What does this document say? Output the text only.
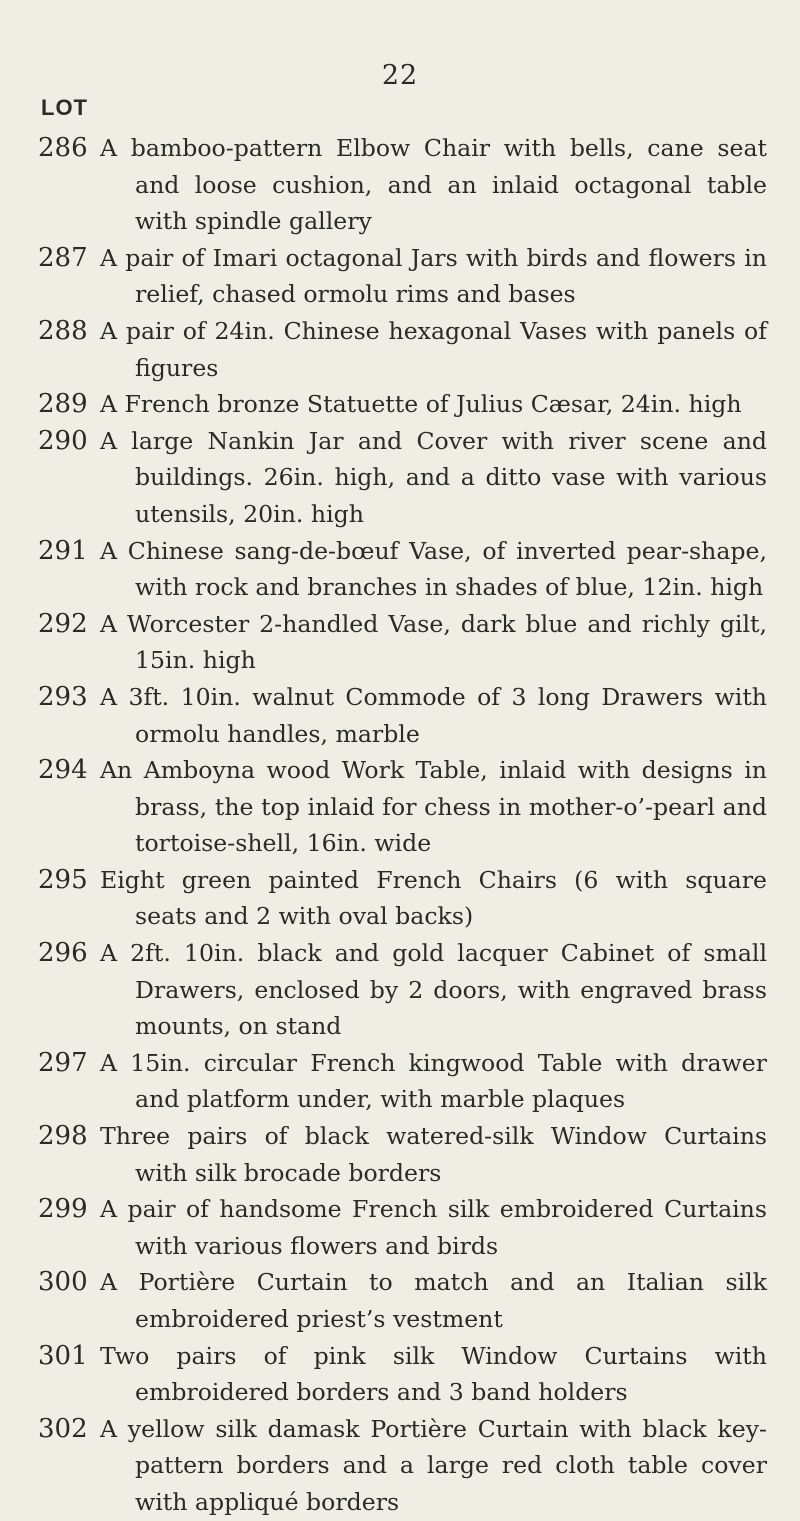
22
LOT
286 A bamboo-pattern Elbow Chair with bells, cane seat and loose cushion, and an inlaid octagonal table with spindle gallery
287 A pair of Imari octagonal Jars with birds and flowers in relief, chased ormolu rims and bases
288 A pair of 24in. Chinese hexagonal Vases with panels of figures
289 A French bronze Statuette of Julius Cæsar, 24in. high
290 A large Nankin Jar and Cover with river scene and buildings. 26in. high, and a ditto vase with various utensils, 20in. high
291 A Chinese sang-de-bœuf Vase, of inverted pear-shape, with rock and branches in shades of blue, 12in. high
292 A Worcester 2-handled Vase, dark blue and richly gilt, 15in. high
293 A 3ft. 10in. walnut Commode of 3 long Drawers with ormolu handles, marble
294 An Amboyna wood Work Table, inlaid with designs in brass, the top inlaid for chess in mother-o’-pearl and tortoise-shell, 16in. wide
295 Eight green painted French Chairs (6 with square seats and 2 with oval backs)
296 A 2ft. 10in. black and gold lacquer Cabinet of small Drawers, enclosed by 2 doors, with engraved brass mounts, on stand
297 A 15in. circular French kingwood Table with drawer and platform under, with marble plaques
298 Three pairs of black watered-silk Window Curtains with silk brocade borders
299 A pair of handsome French silk embroidered Curtains with various flowers and birds
300 A Portière Curtain to match and an Italian silk embroidered priest’s vestment
301 Two pairs of pink silk Window Curtains with embroidered borders and 3 band holders
302 A yellow silk damask Portière Curtain with black key-pattern borders and a large red cloth table cover with appliqué borders
